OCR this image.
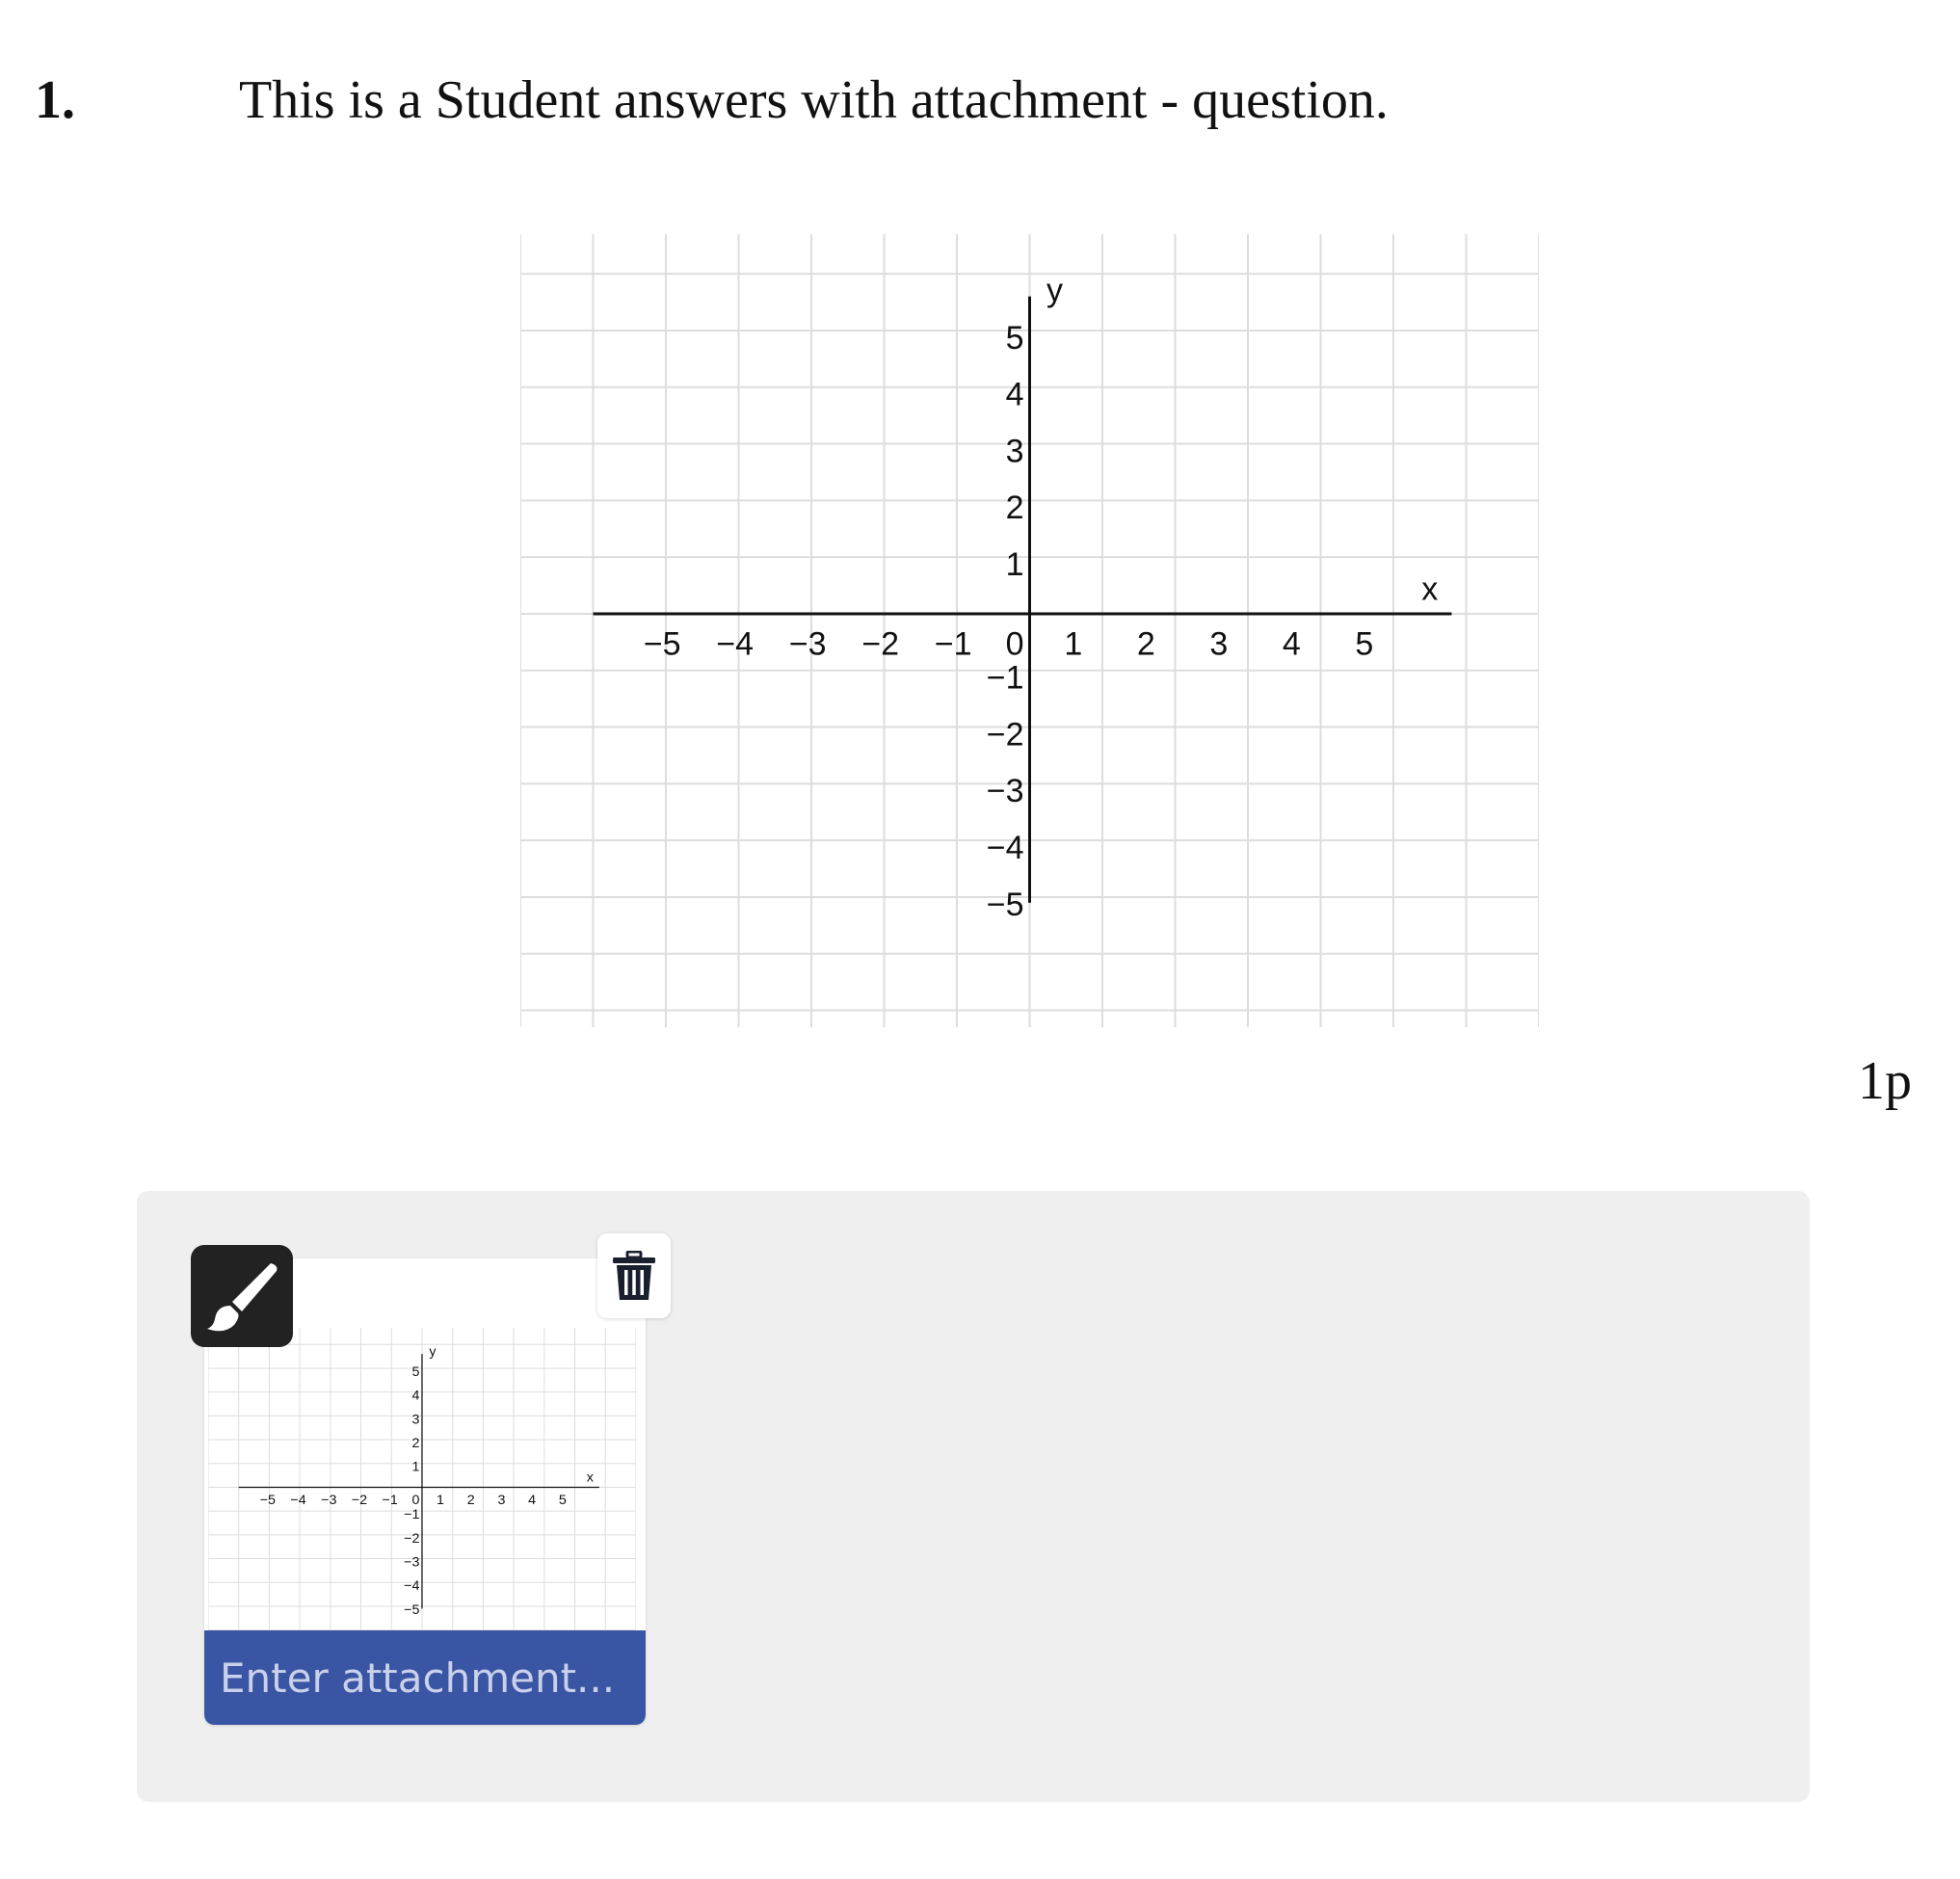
1.	This is a Student answers with attachment - question.
−5 −4 −3 −2 −1	1 2 3 4 5
5
4
3
2
1
0
−1
−2
−3
−4
−5
y
x
1p
−5 −4 −3 −2 −1	1 2 3 4 5
5
4
3
2
1
0
−1
−2
−3
−4
−5
y
x
Enter attachment...
